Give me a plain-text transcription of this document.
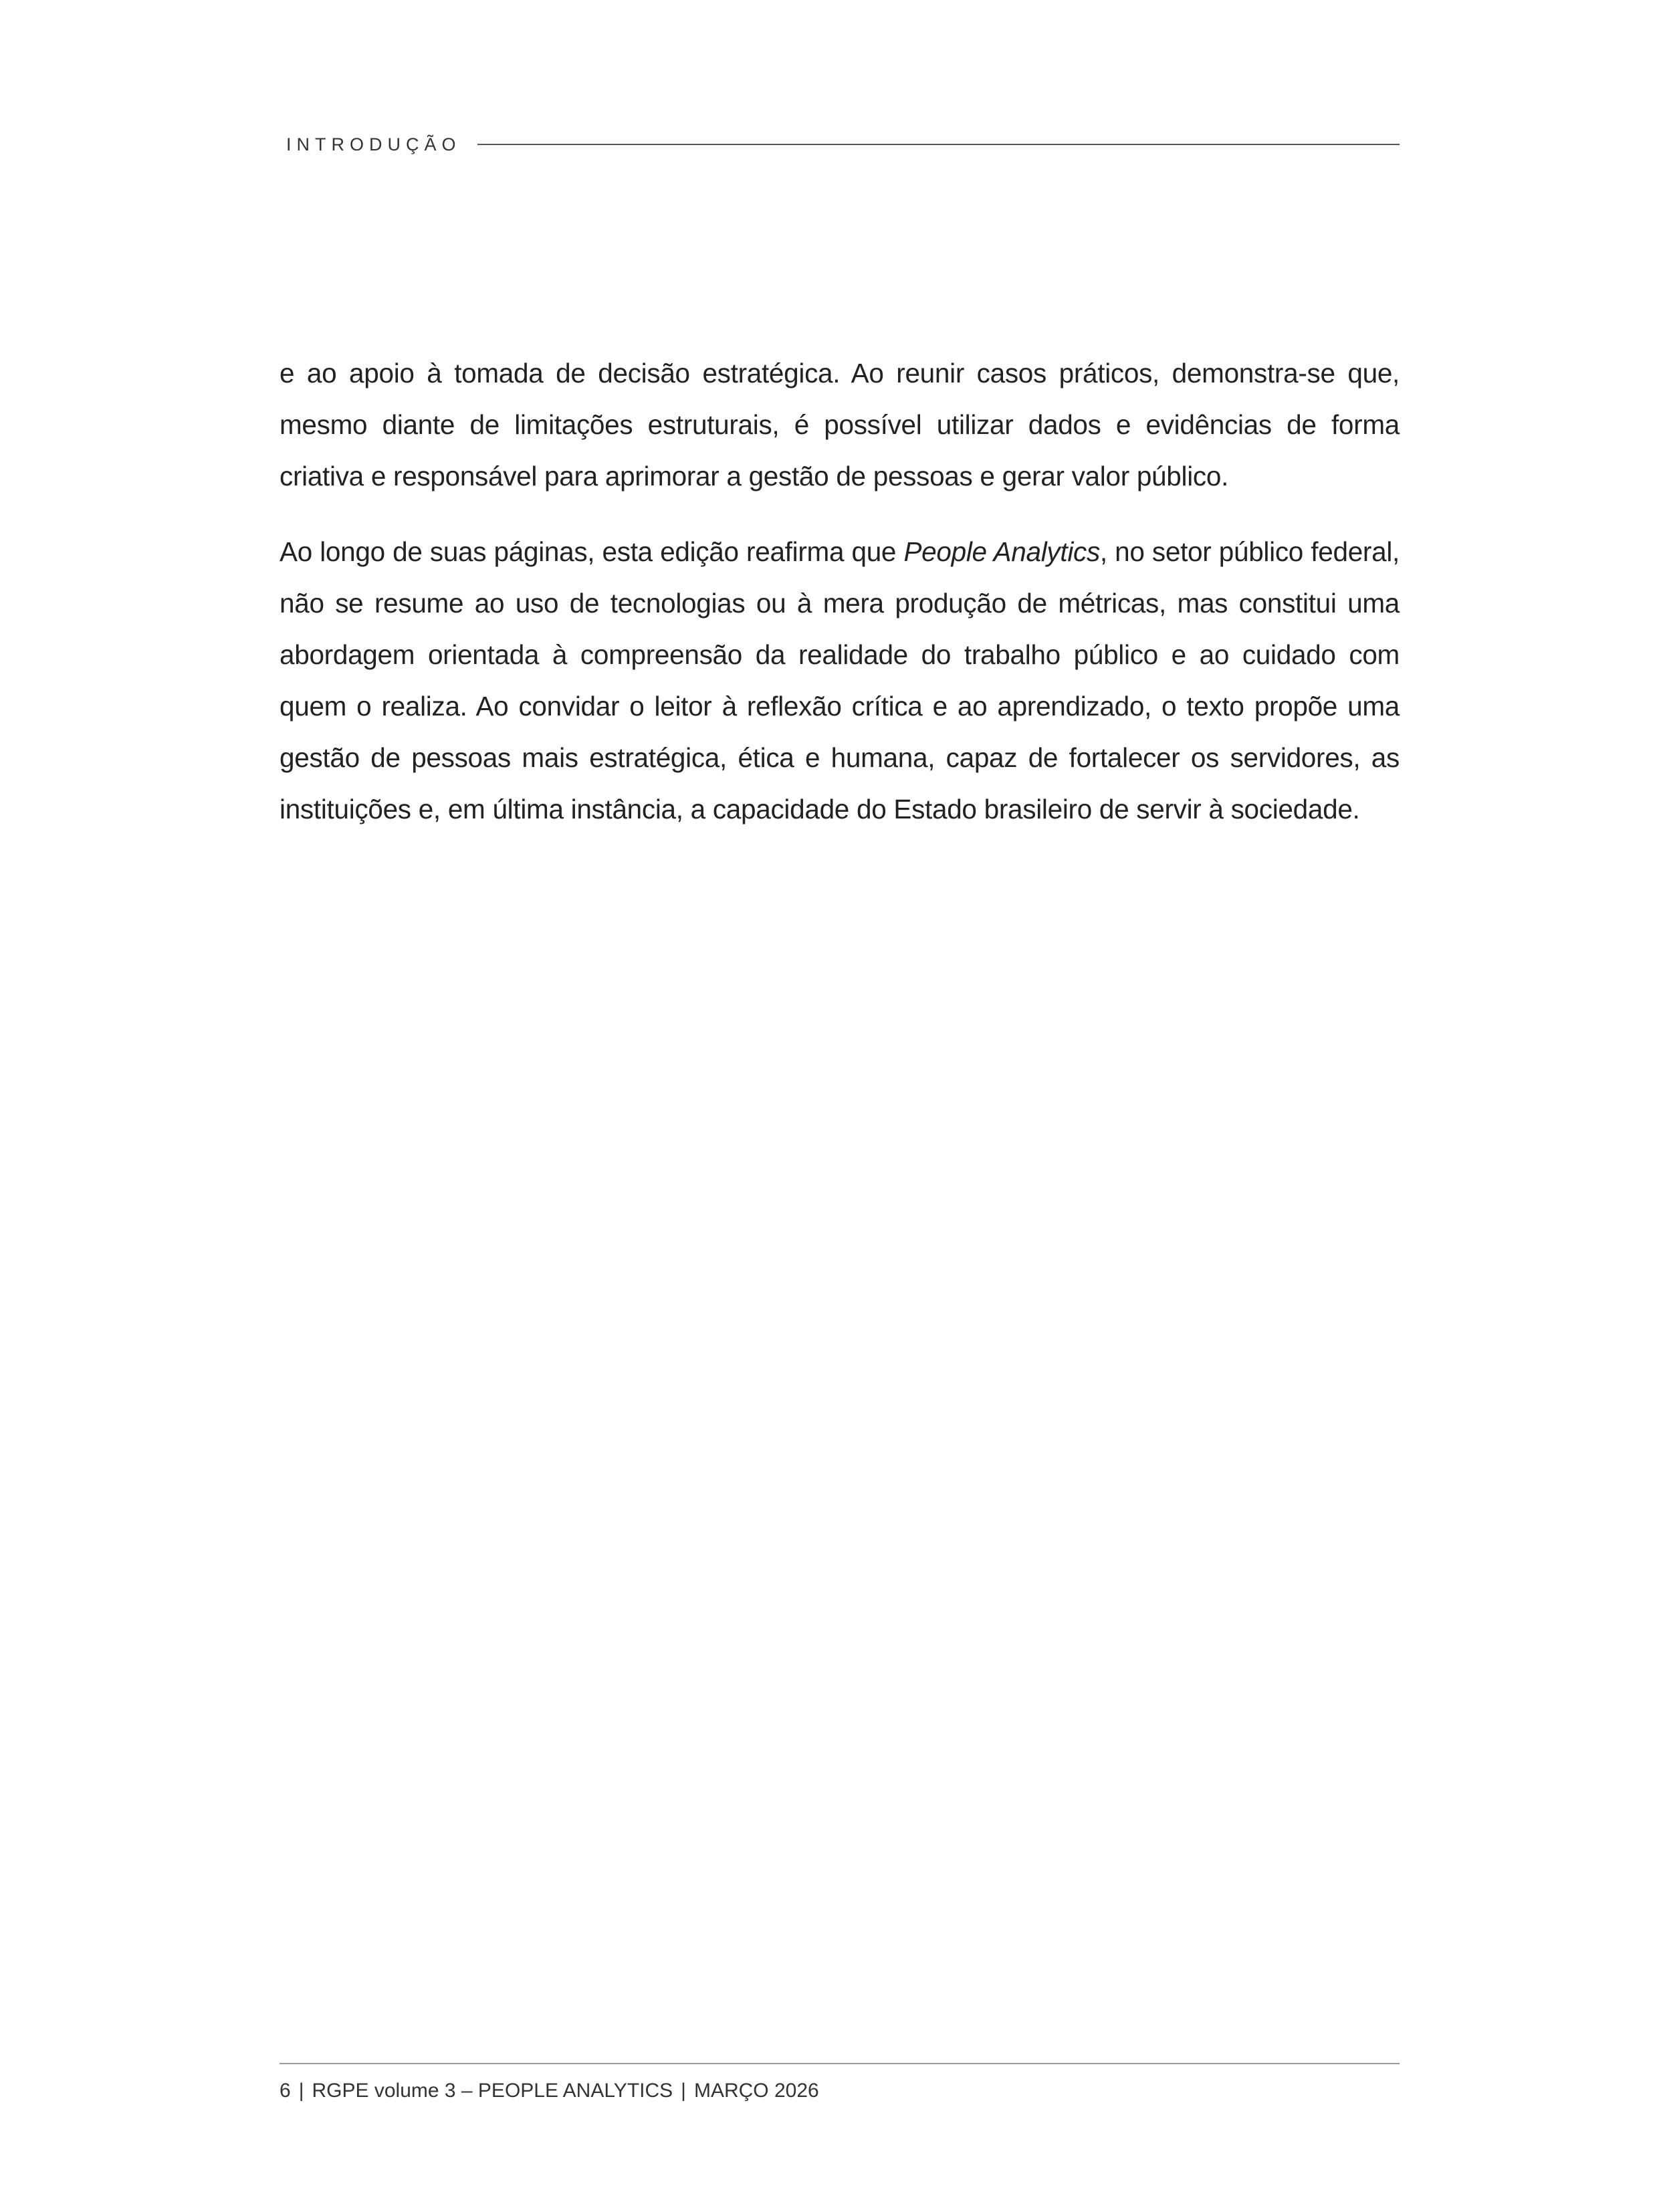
INTRODUÇÃO

e ao apoio à tomada de decisão estratégica. Ao reunir casos práticos, demonstra-se que, mesmo diante de limitações estruturais, é possível utilizar dados e evidências de forma criativa e responsável para aprimorar a gestão de pessoas e gerar valor público.

Ao longo de suas páginas, esta edição reafirma que People Analytics, no setor público federal, não se resume ao uso de tecnologias ou à mera produção de métricas, mas constitui uma abordagem orientada à compreensão da realidade do trabalho público e ao cuidado com quem o realiza. Ao convidar o leitor à reflexão crítica e ao aprendizado, o texto propõe uma gestão de pessoas mais estratégica, ética e humana, capaz de fortalecer os servidores, as instituições e, em última instância, a capacidade do Estado brasileiro de servir à sociedade.

6 | RGPE volume 3 – PEOPLE ANALYTICS | MARÇO 2026
